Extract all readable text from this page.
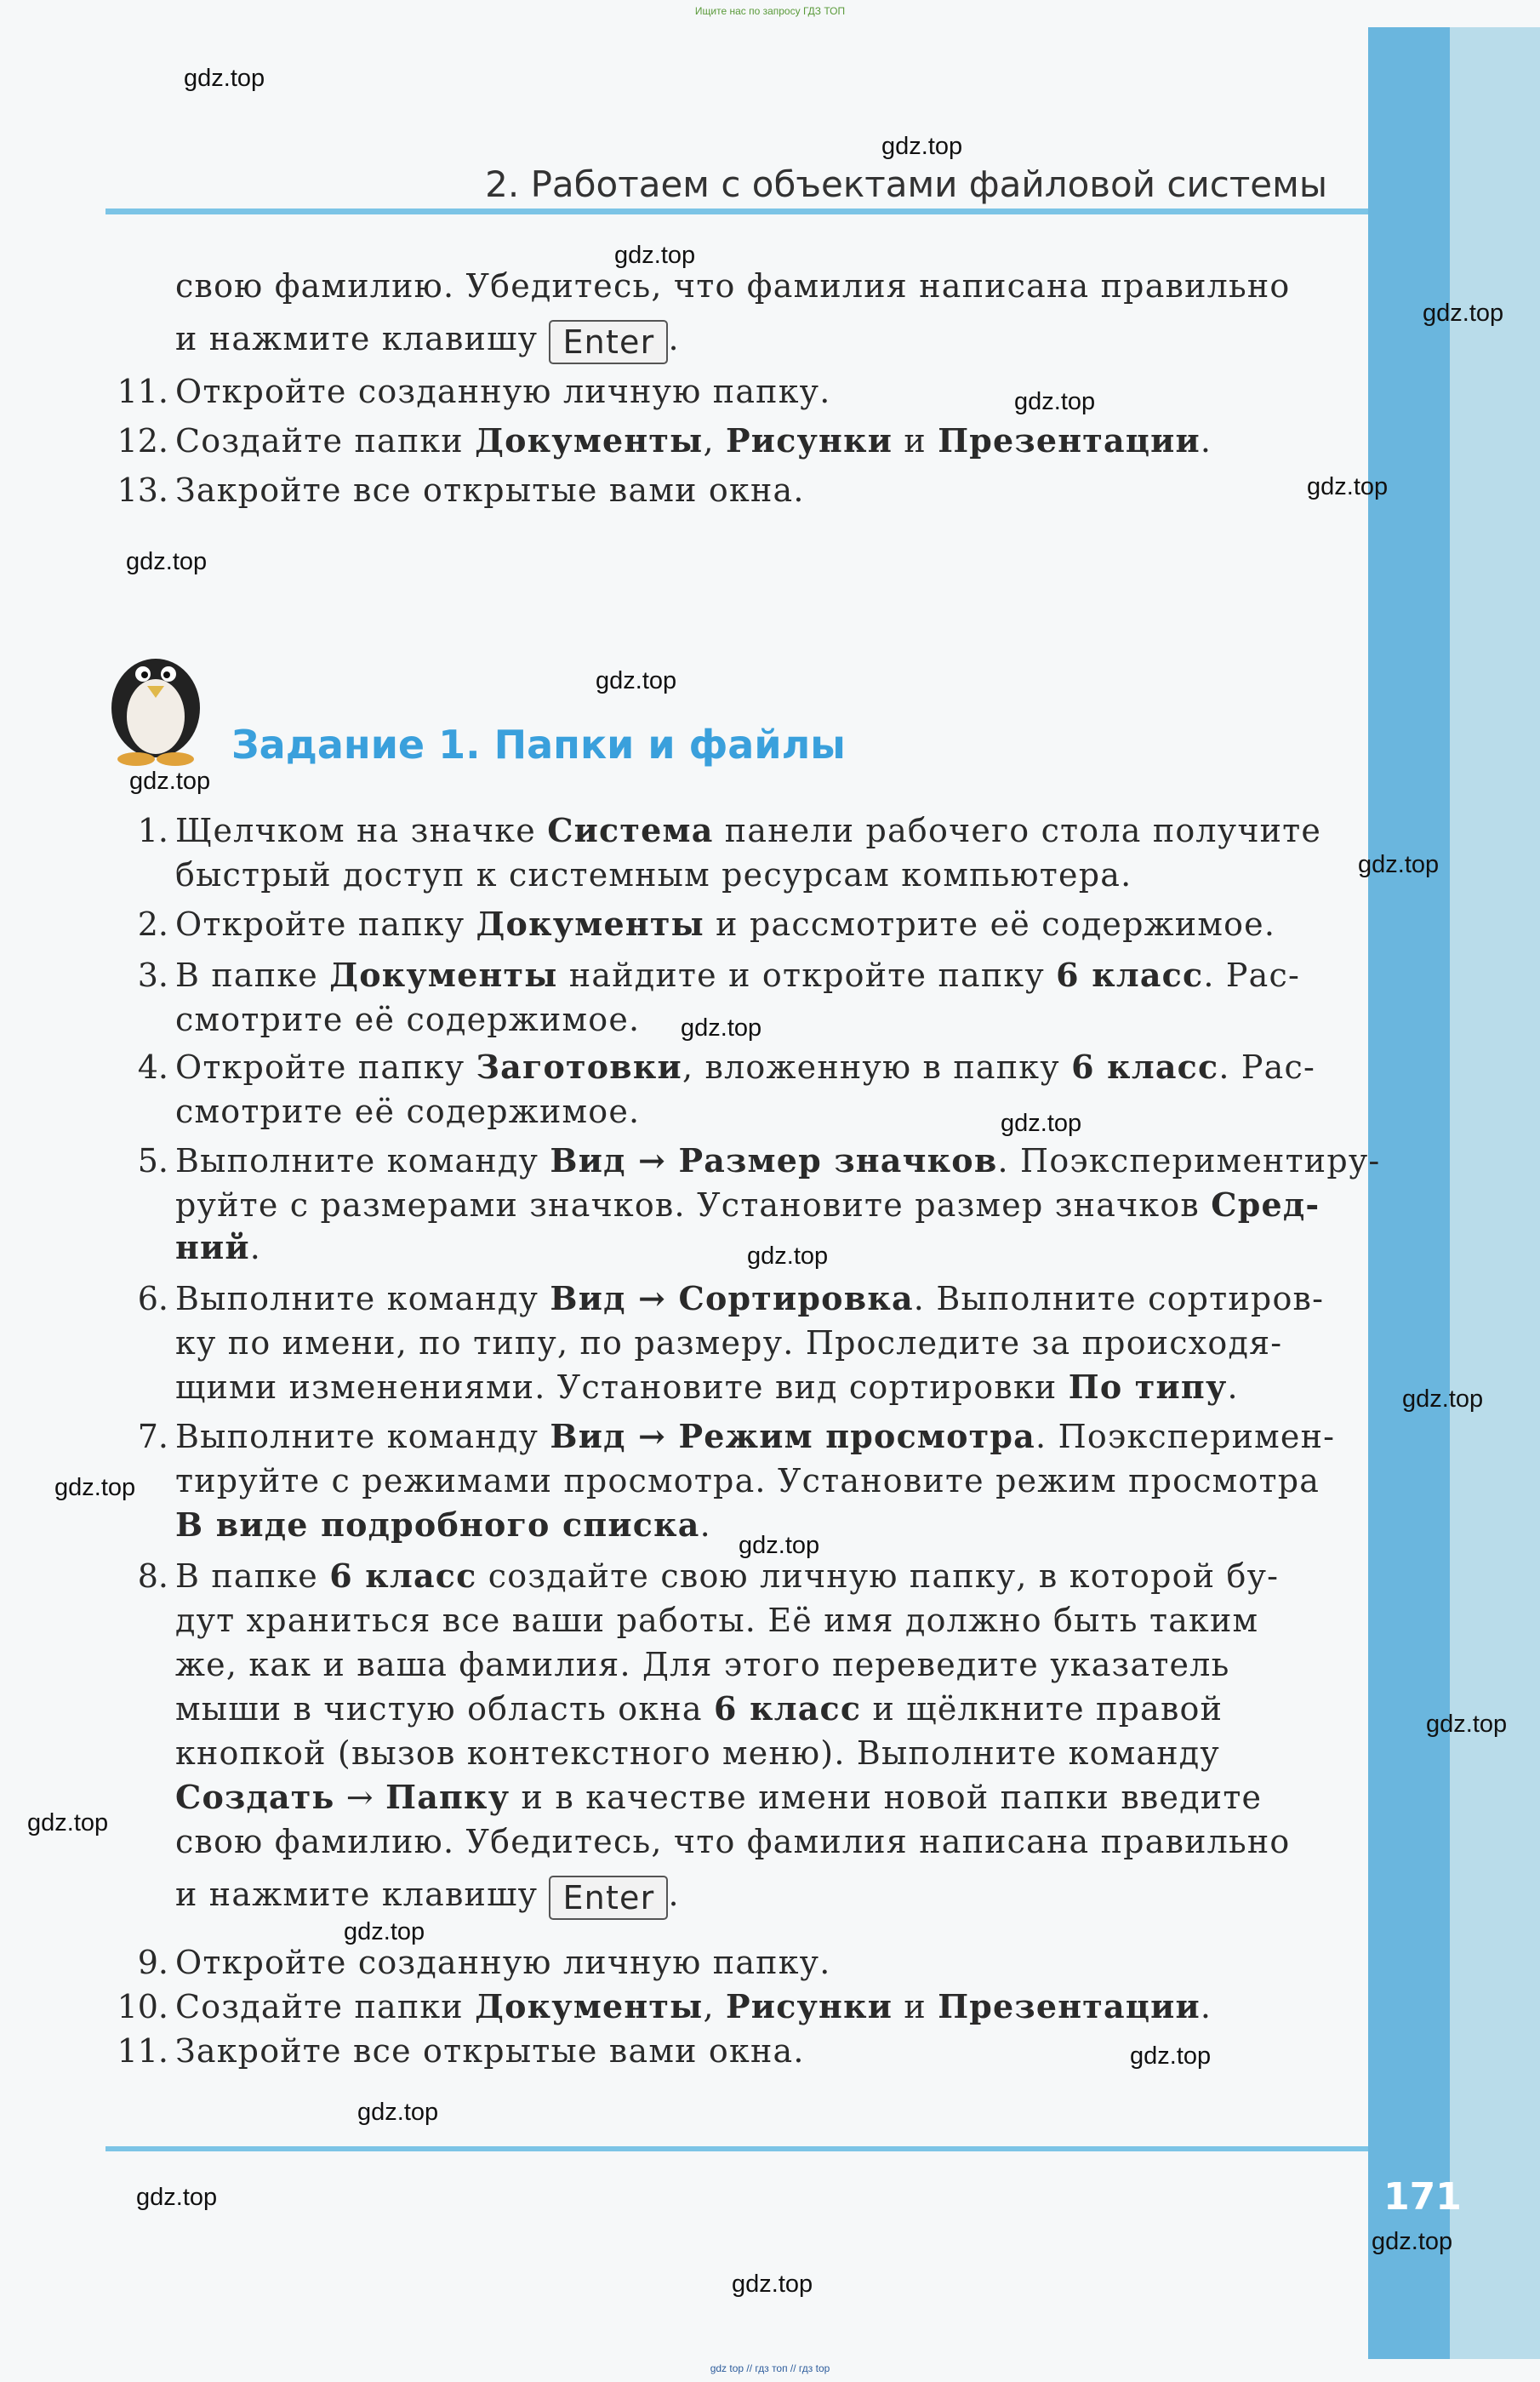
Ищите нас по запросу ГДЗ ТОП
2. Работаем с объектами файловой системы
свою фамилию. Убедитесь, что фамилия написана правильно
и нажмите клавишу Enter .
11. Откройте созданную личную папку.
12. Создайте папки Документы, Рисунки и Презентации.
13. Закройте все открытые вами окна.
Задание 1. Папки и файлы
1. Щелчком на значке Система панели рабочего стола получите
быстрый доступ к системным ресурсам компьютера.
2. Откройте папку Документы и рассмотрите её содержимое.
3. В папке Документы найдите и откройте папку 6 класс. Рас-
смотрите её содержимое.
4. Откройте папку Заготовки, вложенную в папку 6 класс. Рас-
смотрите её содержимое.
5. Выполните команду Вид → Размер значков. Поэкспериментиру-
руйте с размерами значков. Установите размер значков Сред-
ний.
6. Выполните команду Вид → Сортировка. Выполните сортиров-
ку по имени, по типу, по размеру. Проследите за происходя-
щими изменениями. Установите вид сортировки По типу.
7. Выполните команду Вид → Режим просмотра. Поэксперимен-
тируйте с режимами просмотра. Установите режим просмотра
В виде подробного списка.
8. В папке 6 класс создайте свою личную папку, в которой бу-
дут храниться все ваши работы. Её имя должно быть таким
же, как и ваша фамилия. Для этого переведите указатель
мыши в чистую область окна 6 класс и щёлкните правой
кнопкой (вызов контекстного меню). Выполните команду
Создать → Папку и в качестве имени новой папки введите
свою фамилию. Убедитесь, что фамилия написана правильно
и нажмите клавишу Enter .
9. Откройте созданную личную папку.
10. Создайте папки Документы, Рисунки и Презентации.
11. Закройте все открытые вами окна.
171
gdz.top
gdz.top
gdz.top
gdz.top
gdz.top
gdz.top
gdz.top
gdz.top
gdz.top
gdz.top
gdz.top
gdz.top
gdz.top
gdz.top
gdz.top
gdz.top
gdz.top
gdz.top
gdz.top
gdz.top
gdz.top
gdz.top
gdz.top
gdz.top
gdz top // гдз топ // гдз top
